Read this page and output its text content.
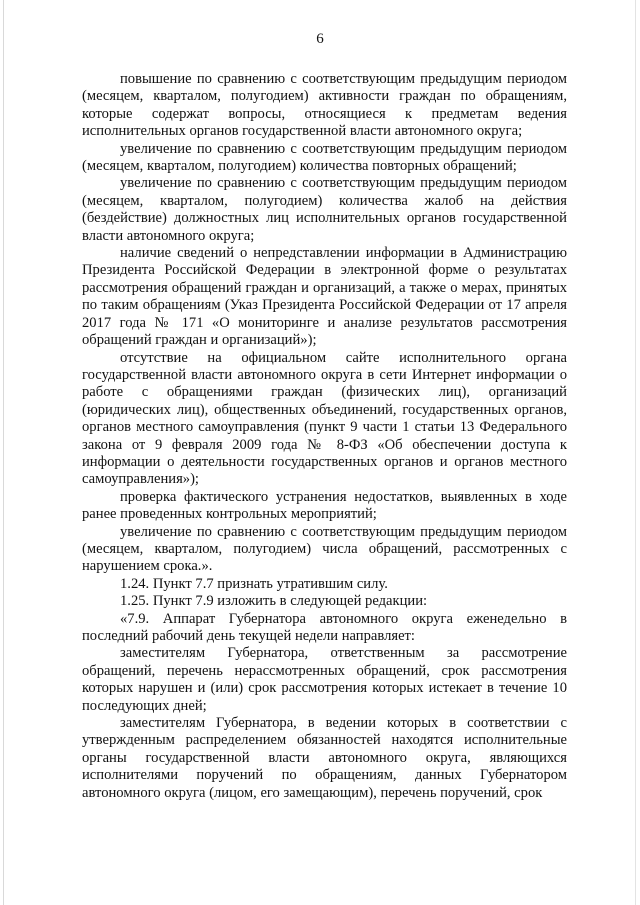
6

повышение по сравнению с соответствующим предыдущим периодом (месяцем, кварталом, полугодием) активности граждан по обращениям, которые содержат вопросы, относящиеся к предметам ведения исполнительных органов государственной власти автономного округа;

увеличение по сравнению с соответствующим предыдущим периодом (месяцем, кварталом, полугодием) количества повторных обращений;

увеличение по сравнению с соответствующим предыдущим периодом (месяцем, кварталом, полугодием) количества жалоб на действия (бездействие) должностных лиц исполнительных органов государственной власти автономного округа;

наличие сведений о непредставлении информации в Администрацию Президента Российской Федерации в электронной форме о результатах рассмотрения обращений граждан и организаций, а также о мерах, принятых по таким обращениям (Указ Президента Российской Федерации от 17 апреля 2017 года № 171 «О мониторинге и анализе результатов рассмотрения обращений граждан и организаций»);

отсутствие на официальном сайте исполнительного органа государственной власти автономного округа в сети Интернет информации о работе с обращениями граждан (физических лиц), организаций (юридических лиц), общественных объединений, государственных органов, органов местного самоуправления (пункт 9 части 1 статьи 13 Федерального закона от 9 февраля 2009 года № 8-ФЗ «Об обеспечении доступа к информации о деятельности государственных органов и органов местного самоуправления»);

проверка фактического устранения недостатков, выявленных в ходе ранее проведенных контрольных мероприятий;

увеличение по сравнению с соответствующим предыдущим периодом (месяцем, кварталом, полугодием) числа обращений, рассмотренных с нарушением срока.».

1.24. Пункт 7.7 признать утратившим силу.

1.25. Пункт 7.9 изложить в следующей редакции:

«7.9. Аппарат Губернатора автономного округа еженедельно в последний рабочий день текущей недели направляет:

заместителям Губернатора, ответственным за рассмотрение обращений, перечень нерассмотренных обращений, срок рассмотрения которых нарушен и (или) срок рассмотрения которых истекает в течение 10 последующих дней;

заместителям Губернатора, в ведении которых в соответствии с утвержденным распределением обязанностей находятся исполнительные органы государственной власти автономного округа, являющихся исполнителями поручений по обращениям, данных Губернатором автономного округа (лицом, его замещающим), перечень поручений, срок
